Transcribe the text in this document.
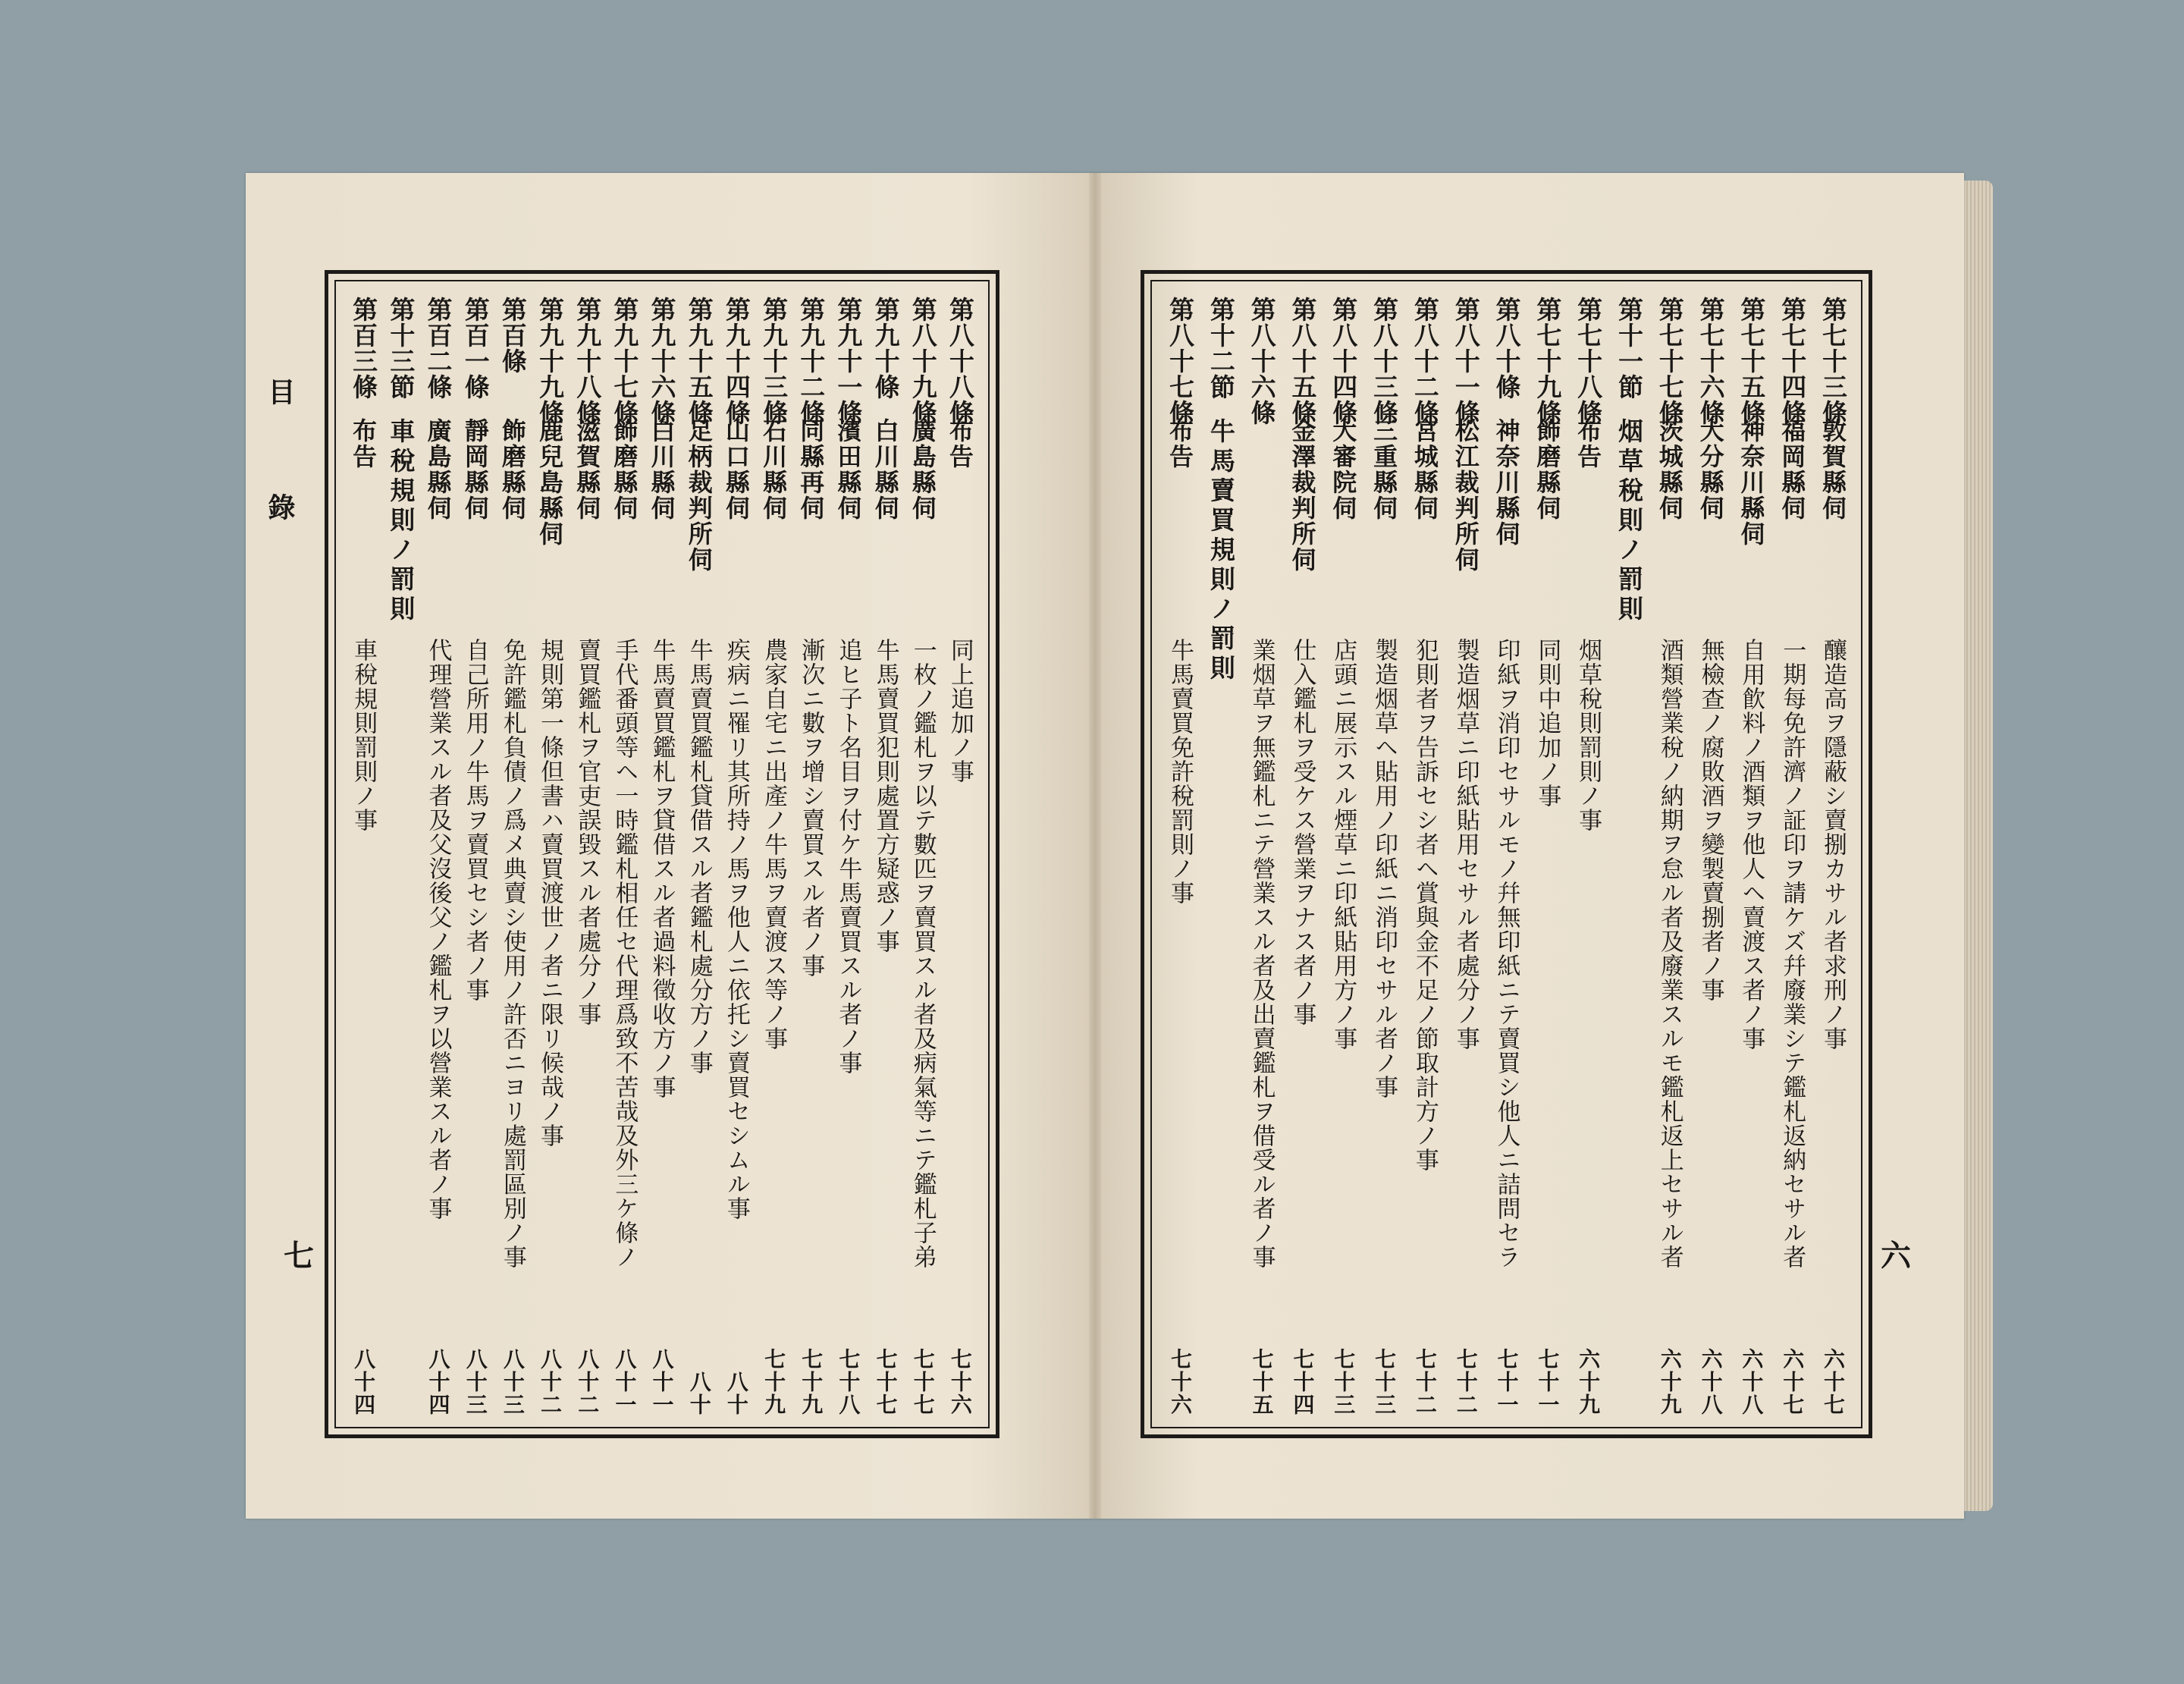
目　錄
七
第八十八條
布告
同上追加ノ事
七十六
第八十九條
廣島縣伺
一枚ノ鑑札ヲ以テ數匹ヲ賣買スル者及病氣等ニテ鑑札子弟
七十七
第九十條
白川縣伺
牛馬賣買犯則處置方疑惑ノ事
七十七
第九十一條
濱田縣伺
追ヒ子ト名目ヲ付ケ牛馬賣買スル者ノ事
七十八
第九十二條
同縣再伺
漸次ニ數ヲ增シ賣買スル者ノ事
七十九
第九十三條
石川縣伺
農家自宅ニ出產ノ牛馬ヲ賣渡ス等ノ事
七十九
第九十四條
山口縣伺
疾病ニ罹リ其所持ノ馬ヲ他人ニ依托シ賣買セシムル事
八十
第九十五條
足柄裁判所伺
牛馬賣買鑑札貸借スル者鑑札處分方ノ事
八十
第九十六條
白川縣伺
牛馬賣買鑑札ヲ貸借スル者過料徵收方ノ事
八十一
第九十七條
飾磨縣伺
手代番頭等ヘ一時鑑札相任セ代理爲致不苦哉及外三ケ條ノ
八十一
第九十八條
滋賀縣伺
賣買鑑札ヲ官吏誤毀スル者處分ノ事
八十二
第九十九條
鹿兒島縣伺
規則第一條但書ハ賣買渡世ノ者ニ限リ候哉ノ事
八十二
第百條
飾磨縣伺
免許鑑札負債ノ爲メ典賣シ使用ノ許否ニヨリ處罰區別ノ事
八十三
第百一條
靜岡縣伺
自己所用ノ牛馬ヲ賣買セシ者ノ事
八十三
第百二條
廣島縣伺
代理營業スル者及父沒後父ノ鑑札ヲ以營業スル者ノ事
八十四
第十三節
車稅規則ノ罰則
第百三條
布告
車稅規則罰則ノ事
八十四
六
第七十三條
敦賀縣伺
釀造高ヲ隱蔽シ賣捌カサル者求刑ノ事
六十七
第七十四條
福岡縣伺
一期每免許濟ノ証印ヲ請ケズ幷廢業シテ鑑札返納セサル者
六十七
第七十五條
神奈川縣伺
自用飮料ノ酒類ヲ他人ヘ賣渡ス者ノ事
六十八
第七十六條
大分縣伺
無檢查ノ腐敗酒ヲ變製賣捌者ノ事
六十八
第七十七條
茨城縣伺
酒類營業稅ノ納期ヲ怠ル者及廢業スルモ鑑札返上セサル者
六十九
第十一節
烟草稅則ノ罰則
第七十八條
布告
烟草稅則罰則ノ事
六十九
第七十九條
飾磨縣伺
同則中追加ノ事
七十一
第八十條
神奈川縣伺
印紙ヲ消印セサルモノ幷無印紙ニテ賣買シ他人ニ詰問セラ
七十一
第八十一條
松江裁判所伺
製造烟草ニ印紙貼用セサル者處分ノ事
七十二
第八十二條
宮城縣伺
犯則者ヲ告訴セシ者ヘ賞與金不足ノ節取計方ノ事
七十二
第八十三條
三重縣伺
製造烟草ヘ貼用ノ印紙ニ消印セサル者ノ事
七十三
第八十四條
大審院伺
店頭ニ展示スル煙草ニ印紙貼用方ノ事
七十三
第八十五條
金澤裁判所伺
仕入鑑札ヲ受ケス營業ヲナス者ノ事
七十四
第八十六條
業烟草ヲ無鑑札ニテ營業スル者及出賣鑑札ヲ借受ル者ノ事
七十五
第十二節
牛馬賣買規則ノ罰則
第八十七條
布告
牛馬賣買免許稅罰則ノ事
七十六
